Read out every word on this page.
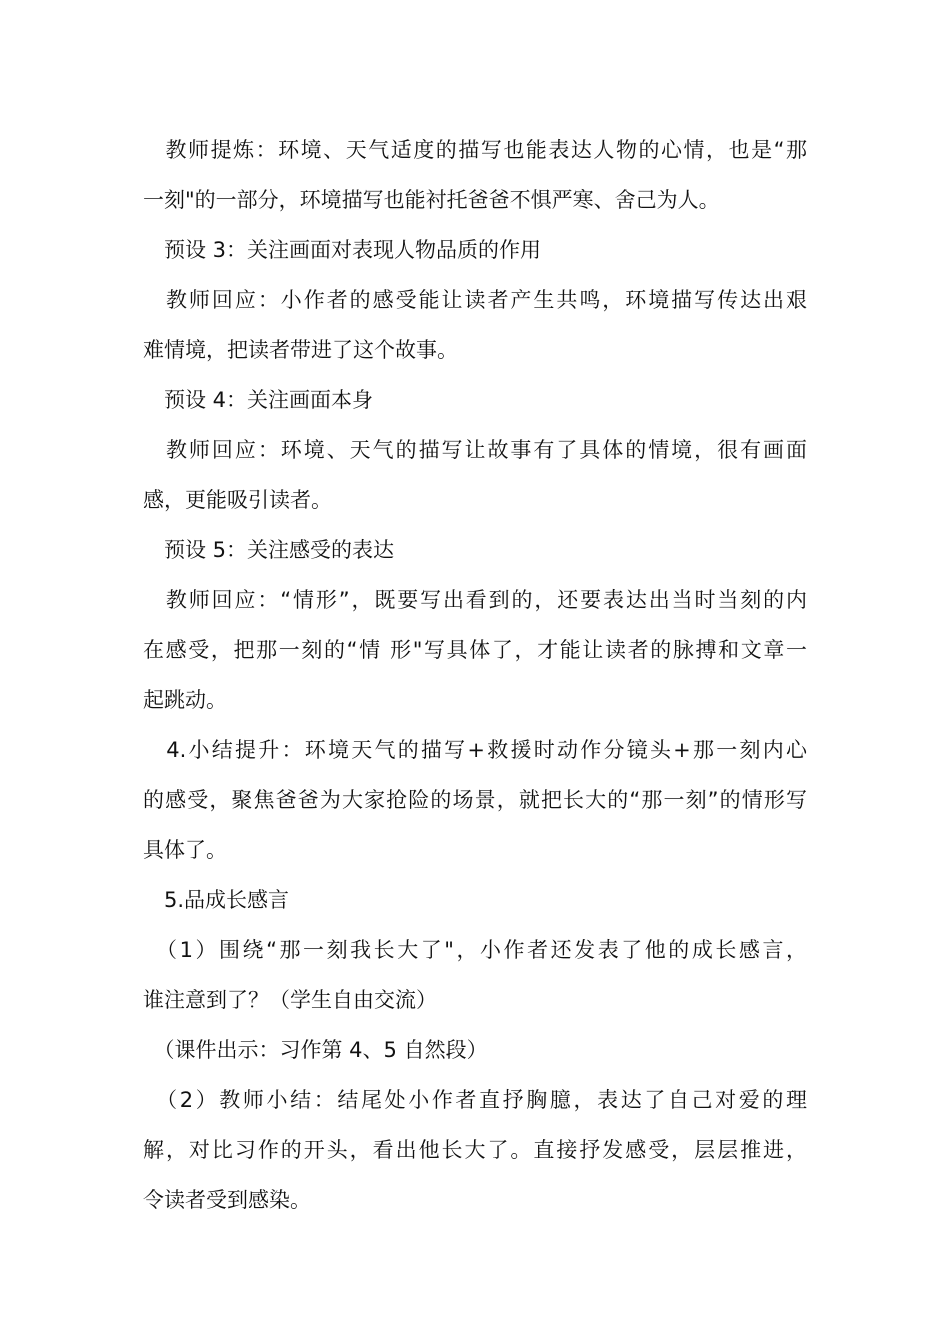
　教师提炼：环境、天气适度的描写也能表达人物的心情，也是“那
一刻"的一部分，环境描写也能衬托爸爸不惧严寒、舍己为人。
　预设 3：关注画面对表现人物品质的作用
　教师回应：小作者的感受能让读者产生共鸣，环境描写传达出艰
难情境，把读者带进了这个故事。
　预设 4：关注画面本身
　教师回应：环境、天气的描写让故事有了具体的情境，很有画面
感，更能吸引读者。
　预设 5：关注感受的表达
　教师回应：“情形”，既要写出看到的，还要表达出当时当刻的内
在感受，把那一刻的“情 形"写具体了，才能让读者的脉搏和文章一
起跳动。
　4.小结提升：环境天气的描写+救援时动作分镜头+那一刻内心
的感受，聚焦爸爸为大家抢险的场景，就把长大的“那一刻”的情形写
具体了。
　5.品成长感言
　（1）围绕“那一刻我长大了"，小作者还发表了他的成长感言，
谁注意到了？（学生自由交流）
　（课件出示：习作第 4、5 自然段）
　（2）教师小结：结尾处小作者直抒胸臆，表达了自己对爱的理
解，对比习作的开头，看出他长大了。直接抒发感受，层层推进，
令读者受到感染。
